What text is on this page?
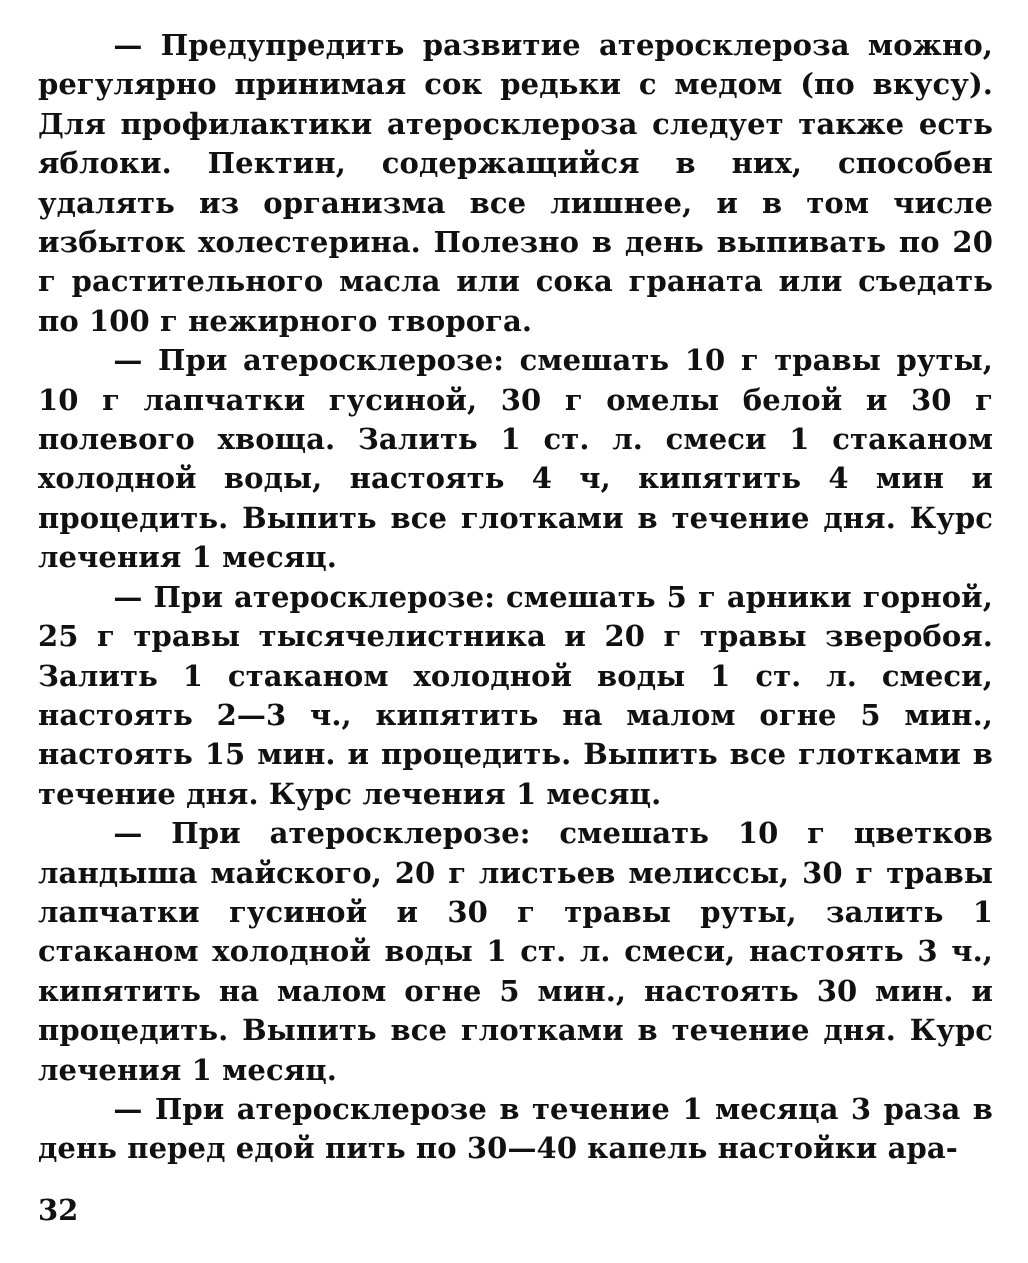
— Предупредить развитие атеросклероза можно, регулярно принимая сок редьки с медом (по вкусу). Для профилактики атеросклероза следует также есть яблоки. Пектин, содержащийся в них, способен удалять из организма все лишнее, и в том числе избыток холестерина. Полезно в день выпивать по 20 г растительного масла или сока граната или съедать по 100 г нежирного творога.

— При атеросклерозе: смешать 10 г травы руты, 10 г лапчатки гусиной, 30 г омелы белой и 30 г полевого хвоща. Залить 1 ст. л. смеси 1 стаканом холодной воды, настоять 4 ч, кипятить 4 мин и процедить. Выпить все глотками в течение дня. Курс лечения 1 месяц.

— При атеросклерозе: смешать 5 г арники горной, 25 г травы тысячелистника и 20 г травы зверобоя. Залить 1 стаканом холодной воды 1 ст. л. смеси, настоять 2—3 ч., кипятить на малом огне 5 мин., настоять 15 мин. и процедить. Выпить все глотками в течение дня. Курс лечения 1 месяц.

— При атеросклерозе: смешать 10 г цветков ландыша майского, 20 г листьев мелиссы, 30 г травы лапчатки гусиной и 30 г травы руты, залить 1 стаканом холодной воды 1 ст. л. смеси, настоять 3 ч., кипятить на малом огне 5 мин., настоять 30 мин. и процедить. Выпить все глотками в течение дня. Курс лечения 1 месяц.

— При атеросклерозе в течение 1 месяца 3 раза в день перед едой пить по 30—40 капель настойки ара-

32
